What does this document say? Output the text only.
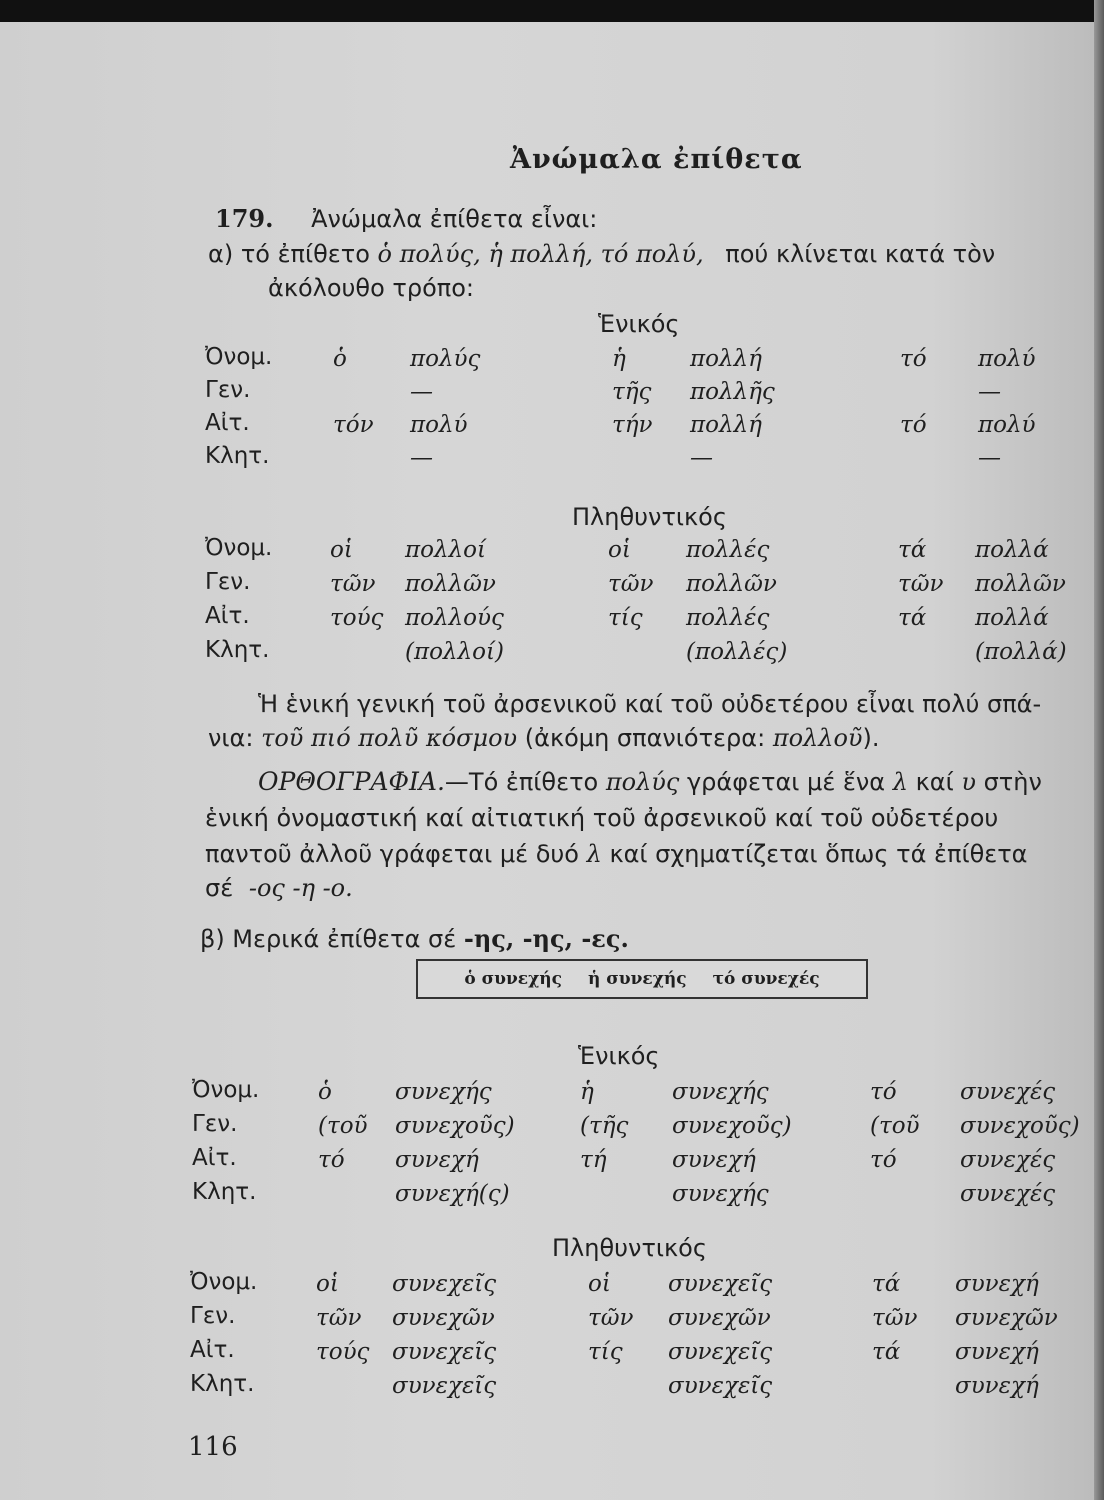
Ἀνώμαλα ἐπίθετα
179. Ἀνώμαλα ἐπίθετα εἶναι:
α) τό ἐπίθετο ὁ πολύς, ἡ πολλή, τό πολύ, πού κλίνεται κατά τὸν
ἀκόλουθο τρόπο:
Ἑνικός
Ὀνομ.	ὁ	πολύς	ἡ	πολλή	τό πολύ
Γεν.	—	τῆς πολλῆς	—
Αἰτ.	τόν πολύ	τήν πολλή	τό πολύ
Κλητ.	—	—	—
Πληθυντικός
Ὀνομ.	οἱ πολλοί	οἱ πολλές	τά πολλά
Γεν.	τῶν πολλῶν	τῶν πολλῶν	τῶν πολλῶν
Αἰτ.	τούς πολλούς	τίς πολλές	τά πολλά
Κλητ.	(πολλοί)	(πολλές)	(πολλά)
Ἡ ἑνική γενική τοῦ ἀρσενικοῦ καί τοῦ οὐδετέρου εἶναι πολύ σπά-
νια: τοῦ πιό πολῦ κόσμου (ἀκόμη σπανιότερα: πολλοῦ).
ΟΡΘΟΓΡΑΦΙΑ.—Τό ἐπίθετο πολύς γράφεται μέ ἕνα λ καί υ στὴν
ἑνική ὀνομαστική καί αἰτιατική τοῦ ἀρσενικοῦ καί τοῦ οὐδετέρου
παντοῦ ἀλλοῦ γράφεται μέ δυό λ καί σχηματίζεται ὅπως τά ἐπίθετα
σέ -ος -η -ο.
β) Μερικά ἐπίθετα σέ -ης, -ης, -ες.
ὁ συνεχής ἡ συνεχής τό συνεχές
Ἑνικός
Ὀνομ.	ὁ	συνεχής	ἡ	συνεχής	τό	συνεχές
Γεν.	(τοῦ συνεχοῦς)	(τῆς συνεχοῦς)	(τοῦ συνεχοῦς)
Αἰτ.	τό συνεχή	τή	συνεχή	τό	συνεχές
Κλητ.	συνεχή(ς)	συνεχής	συνεχές
Πληθυντικός
Ὀνομ.	οἱ συνεχεῖς	οἱ συνεχεῖς	τά συνεχή
Γεν.	τῶν συνεχῶν	τῶν συνεχῶν	τῶν συνεχῶν
Αἰτ.	τούς συνεχεῖς	τίς συνεχεῖς	τά συνεχή
Κλητ.	συνεχεῖς	συνεχεῖς	συνεχή
116
